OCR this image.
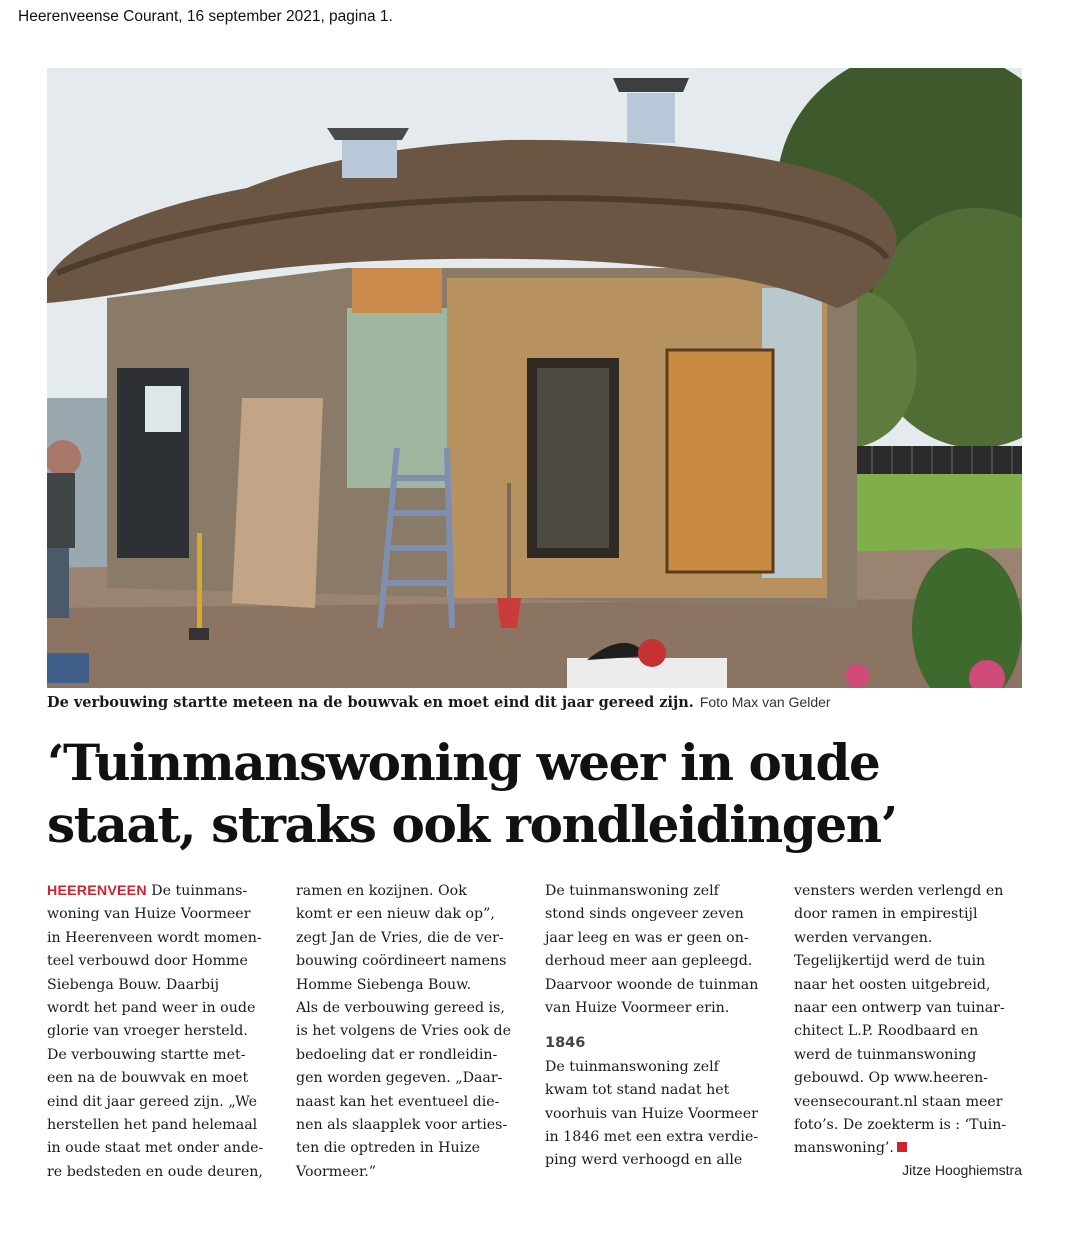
Heerenveense Courant, 16 september 2021, pagina 1.
De verbouwing startte meteen na de bouwvak en moet eind dit jaar gereed zijn. Foto Max van Gelder
‘Tuinmanswoning weer in oude
staat, straks ook rondleidingen’

HEERENVEEN De tuinmans-

woning van Huize Voormeer

in Heerenveen wordt momen-

teel verbouwd door Homme

Siebenga Bouw. Daarbij

wordt het pand weer in oude

glorie van vroeger hersteld.

De verbouwing startte met-

een na de bouwvak en moet

eind dit jaar gereed zijn. „We

herstellen het pand helemaal

in oude staat met onder ande-

re bedsteden en oude deuren,

ramen en kozijnen. Ook

komt er een nieuw dak op”,

zegt Jan de Vries, die de ver-

bouwing coördineert namens

Homme Siebenga Bouw.

Als de verbouwing gereed is,

is het volgens de Vries ook de

bedoeling dat er rondleidin-

gen worden gegeven. „Daar-

naast kan het eventueel die-

nen als slaapplek voor arties-

ten die optreden in Huize

Voormeer.”

De tuinmanswoning zelf

stond sinds ongeveer zeven

jaar leeg en was er geen on-

derhoud meer aan gepleegd.

Daarvoor woonde de tuinman

van Huize Voormeer erin.

1846

De tuinmanswoning zelf

kwam tot stand nadat het

voorhuis van Huize Voormeer

in 1846 met een extra verdie-

ping werd verhoogd en alle

vensters werden verlengd en

door ramen in empirestijl

werden vervangen.

Tegelijkertijd werd de tuin

naar het oosten uitgebreid,

naar een ontwerp van tuinar-

chitect L.P. Roodbaard en

werd de tuinmanswoning

gebouwd. Op www.heeren-

veensecourant.nl staan meer

foto’s. De zoekterm is : ‘Tuin-

manswoning’.

Jitze Hooghiemstra
